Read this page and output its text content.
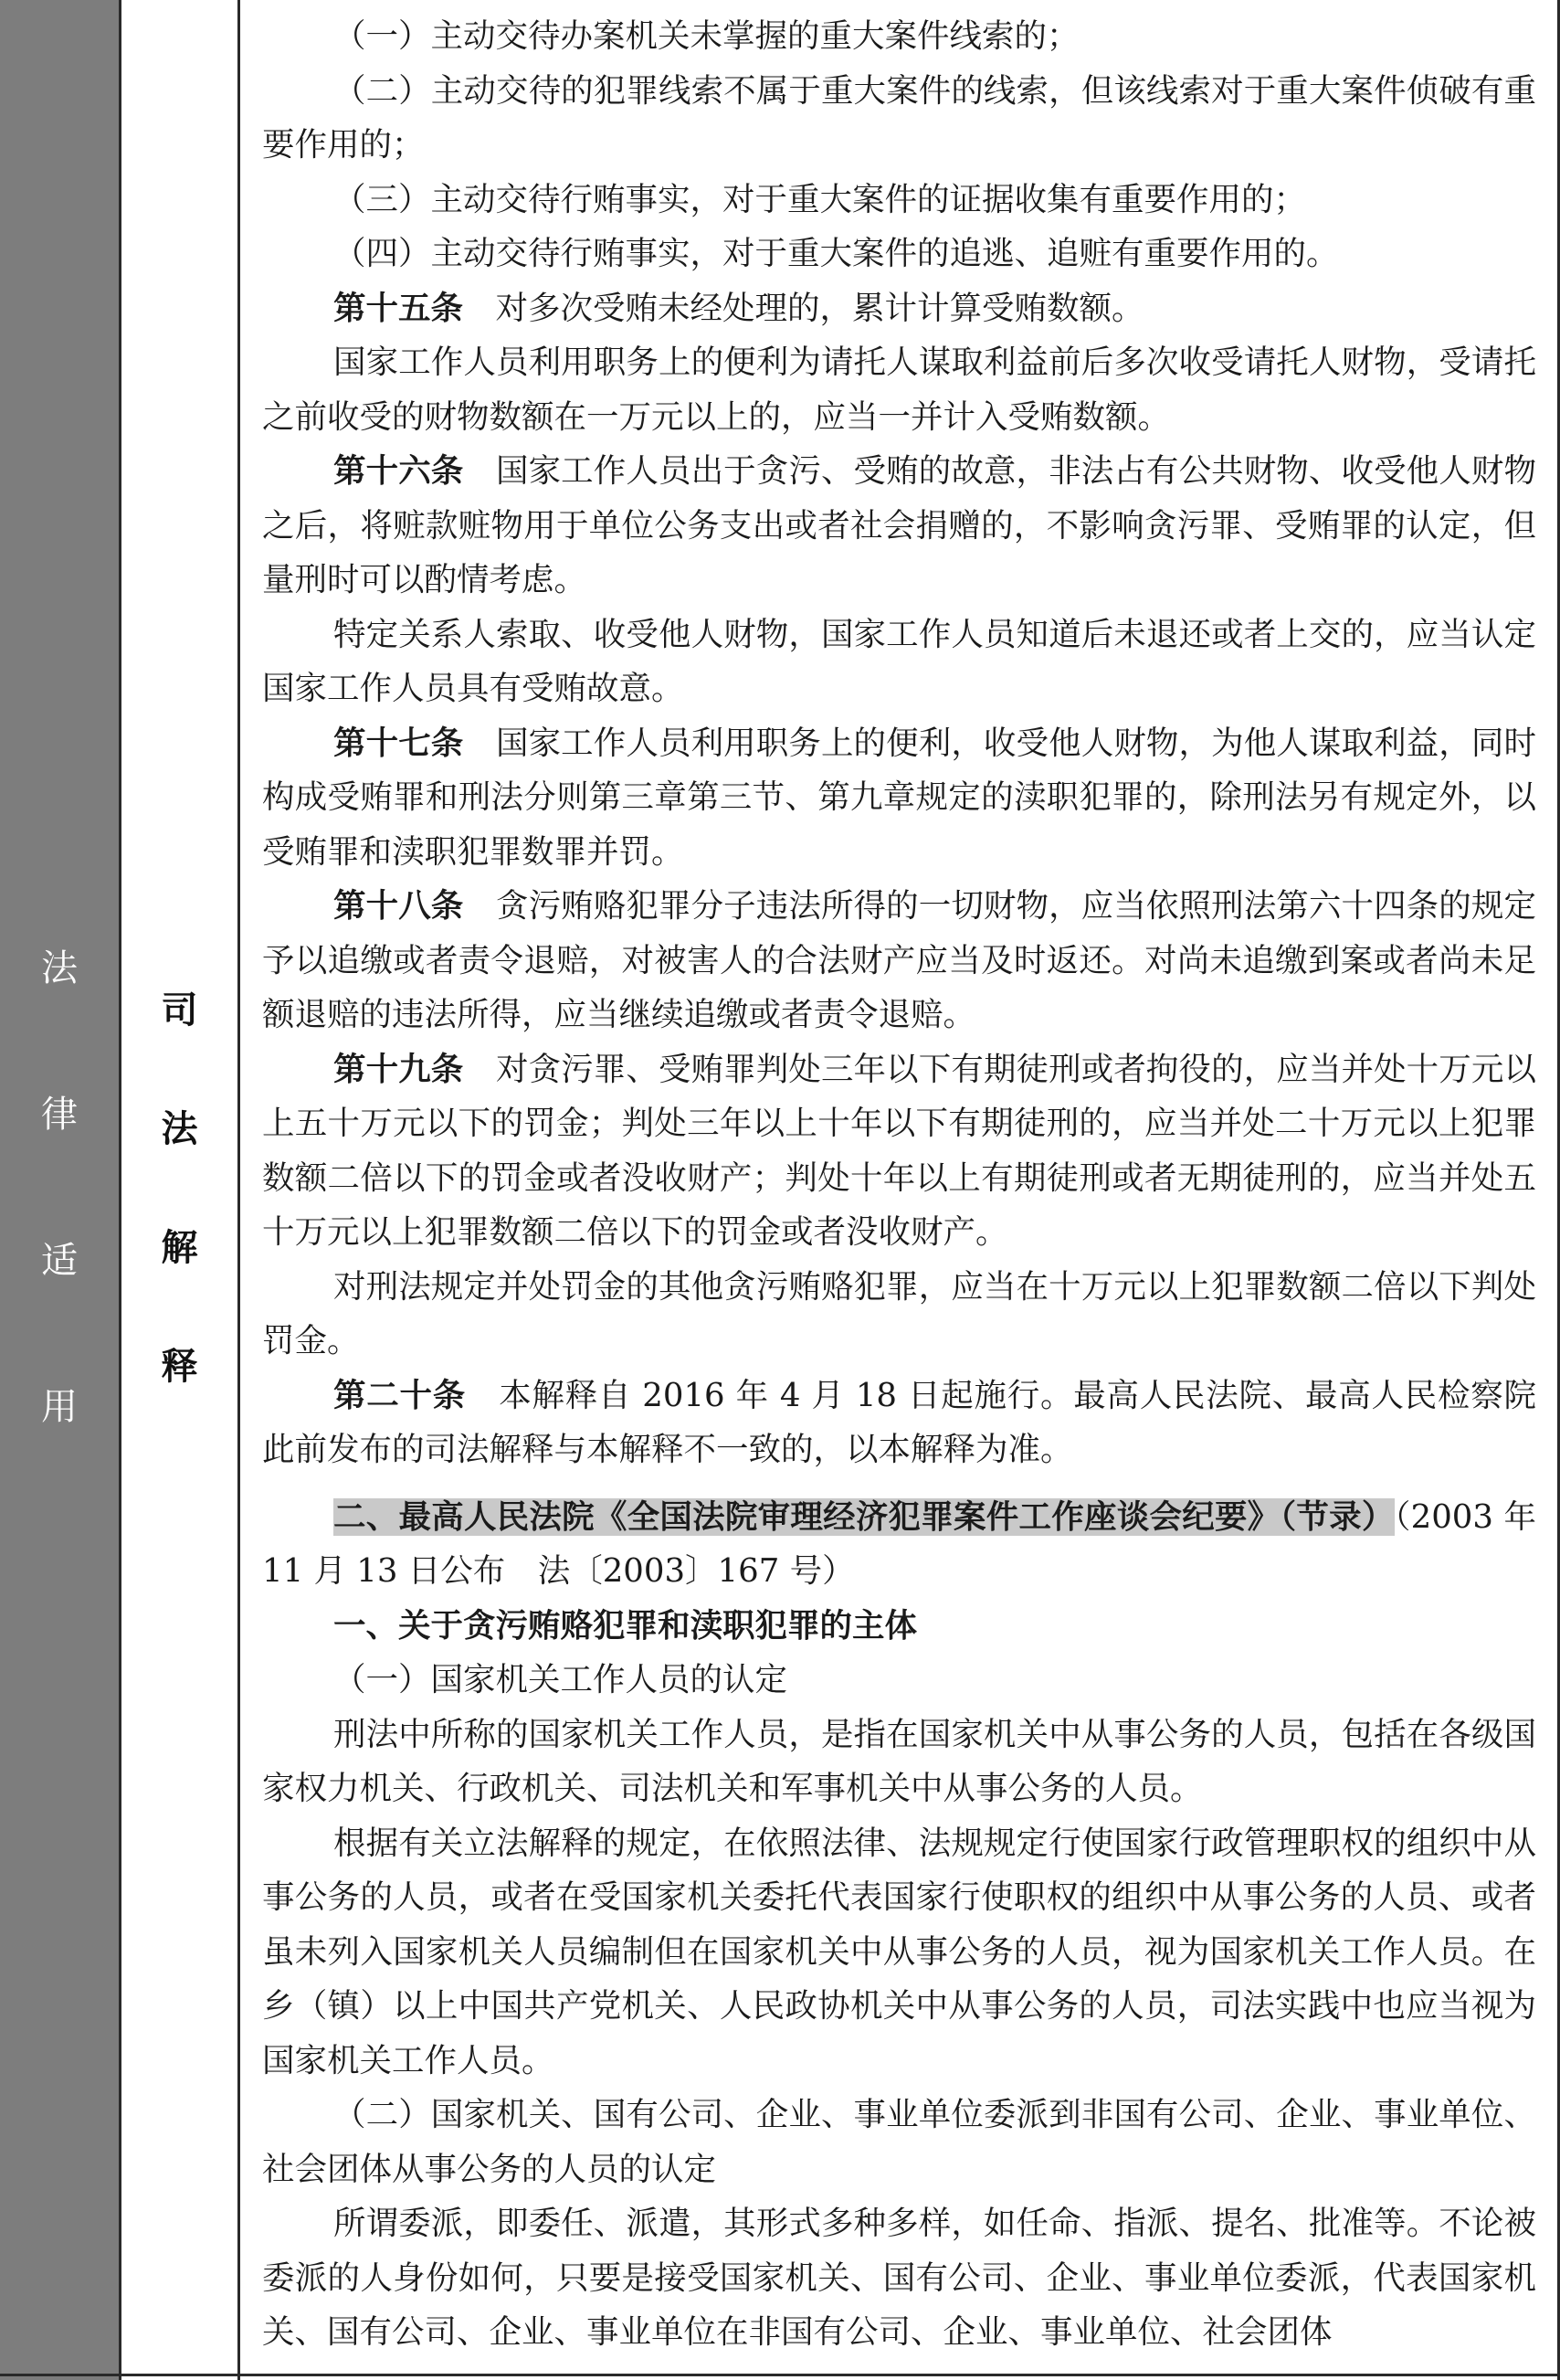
法
律
适
用
司
法
解
释

（一）主动交待办案机关未掌握的重大案件线索的；

（二）主动交待的犯罪线索不属于重大案件的线索，但该线索对于重大案件侦破有重要作用的；

（三）主动交待行贿事实，对于重大案件的证据收集有重要作用的；

（四）主动交待行贿事实，对于重大案件的追逃、追赃有重要作用的。

第十五条　对多次受贿未经处理的，累计计算受贿数额。

国家工作人员利用职务上的便利为请托人谋取利益前后多次收受请托人财物，受请托之前收受的财物数额在一万元以上的，应当一并计入受贿数额。

第十六条　国家工作人员出于贪污、受贿的故意，非法占有公共财物、收受他人财物之后，将赃款赃物用于单位公务支出或者社会捐赠的，不影响贪污罪、受贿罪的认定，但量刑时可以酌情考虑。

特定关系人索取、收受他人财物，国家工作人员知道后未退还或者上交的，应当认定国家工作人员具有受贿故意。

第十七条　国家工作人员利用职务上的便利，收受他人财物，为他人谋取利益，同时构成受贿罪和刑法分则第三章第三节、第九章规定的渎职犯罪的，除刑法另有规定外，以受贿罪和渎职犯罪数罪并罚。

第十八条　贪污贿赂犯罪分子违法所得的一切财物，应当依照刑法第六十四条的规定予以追缴或者责令退赔，对被害人的合法财产应当及时返还。对尚未追缴到案或者尚未足额退赔的违法所得，应当继续追缴或者责令退赔。

第十九条　对贪污罪、受贿罪判处三年以下有期徒刑或者拘役的，应当并处十万元以上五十万元以下的罚金；判处三年以上十年以下有期徒刑的，应当并处二十万元以上犯罪数额二倍以下的罚金或者没收财产；判处十年以上有期徒刑或者无期徒刑的，应当并处五十万元以上犯罪数额二倍以下的罚金或者没收财产。

对刑法规定并处罚金的其他贪污贿赂犯罪，应当在十万元以上犯罪数额二倍以下判处罚金。

第二十条　本解释自 2016 年 4 月 18 日起施行。最高人民法院、最高人民检察院此前发布的司法解释与本解释不一致的，以本解释为准。

二、最高人民法院《全国法院审理经济犯罪案件工作座谈会纪要》（节录）（2003 年 11 月 13 日公布　法〔2003〕167 号）

一、关于贪污贿赂犯罪和渎职犯罪的主体

（一）国家机关工作人员的认定

刑法中所称的国家机关工作人员，是指在国家机关中从事公务的人员，包括在各级国家权力机关、行政机关、司法机关和军事机关中从事公务的人员。

根据有关立法解释的规定，在依照法律、法规规定行使国家行政管理职权的组织中从事公务的人员，或者在受国家机关委托代表国家行使职权的组织中从事公务的人员、或者虽未列入国家机关人员编制但在国家机关中从事公务的人员，视为国家机关工作人员。在乡（镇）以上中国共产党机关、人民政协机关中从事公务的人员，司法实践中也应当视为国家机关工作人员。

（二）国家机关、国有公司、企业、事业单位委派到非国有公司、企业、事业单位、社会团体从事公务的人员的认定

所谓委派，即委任、派遣，其形式多种多样，如任命、指派、提名、批准等。不论被委派的人身份如何，只要是接受国家机关、国有公司、企业、事业单位委派，代表国家机关、国有公司、企业、事业单位在非国有公司、企业、事业单位、社会团体
